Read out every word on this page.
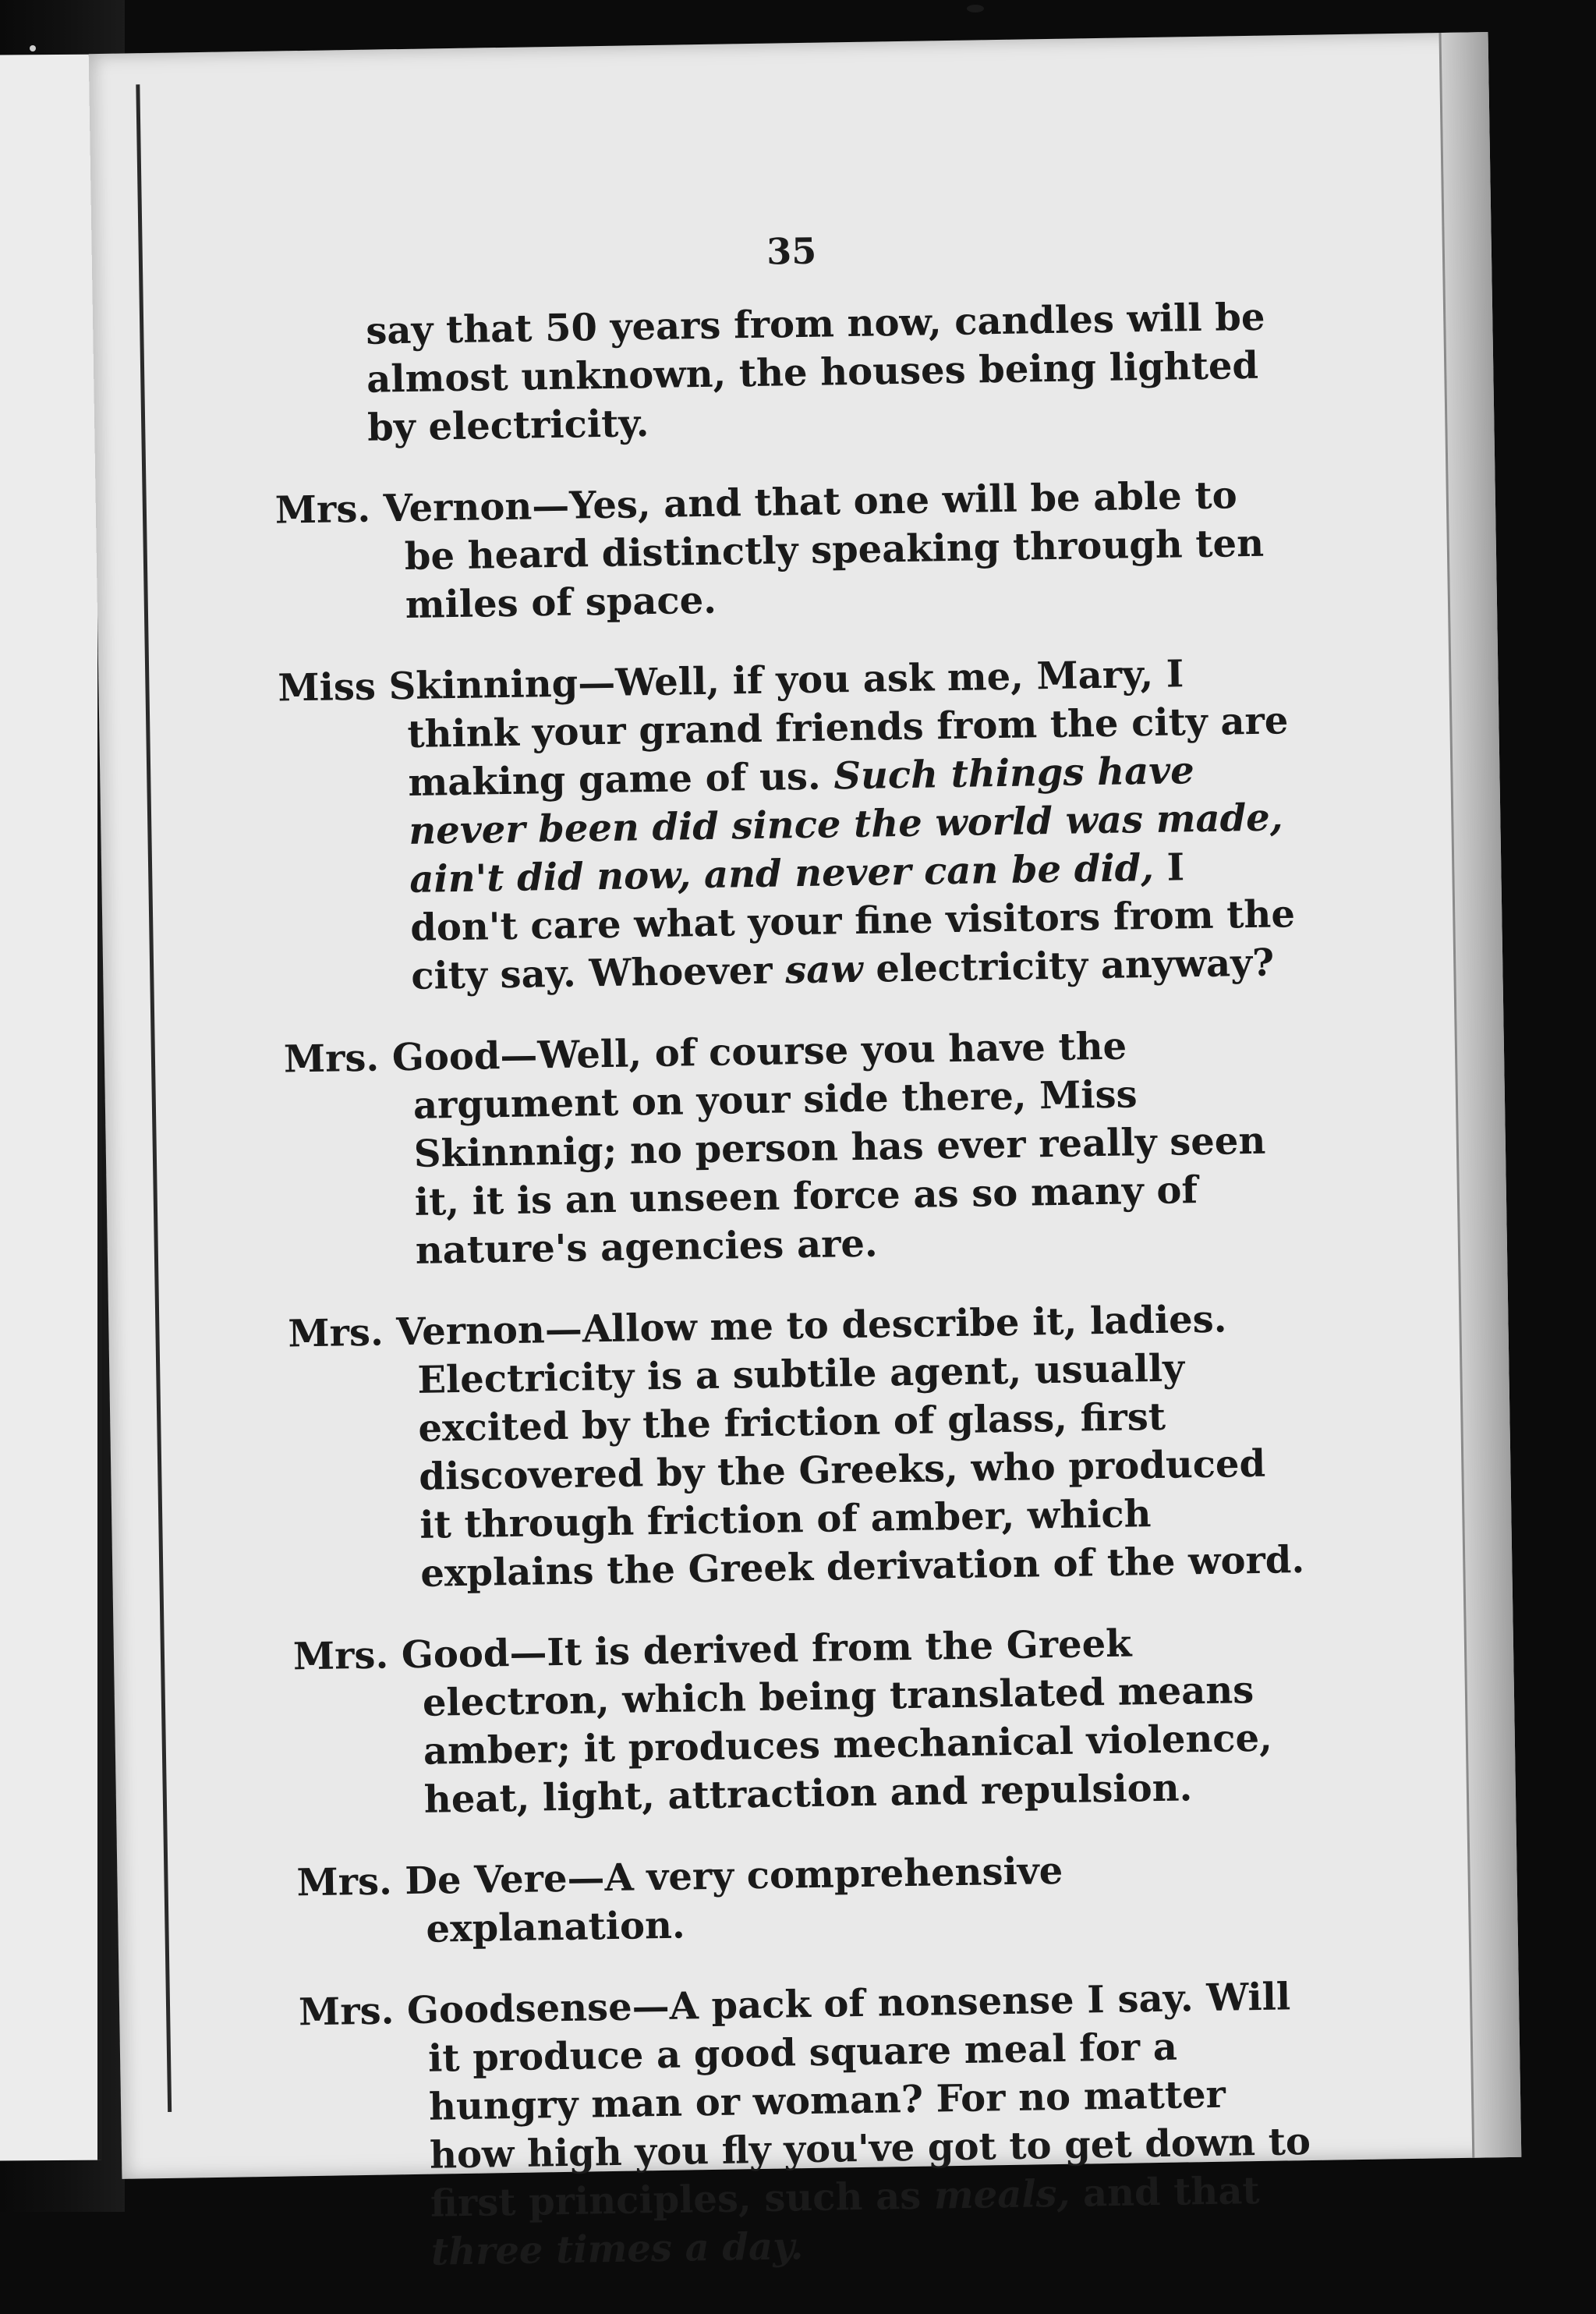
35

say that 50 years from now, candles will be almost unknown, the houses being lighted by electricity.

Mrs. Vernon—Yes, and that one will be able to be heard distinctly speaking through ten miles of space.

Miss Skinning—Well, if you ask me, Mary, I think your grand friends from the city are making game of us. Such things have never been did since the world was made, ain't did now, and never can be did, I don't care what your fine visitors from the city say. Whoever saw electricity anyway?

Mrs. Good—Well, of course you have the argument on your side there, Miss Skinnnig; no person has ever really seen it, it is an unseen force as so many of nature's agencies are.

Mrs. Vernon—Allow me to describe it, ladies. Electricity is a subtile agent, usually excited by the friction of glass, first discovered by the Greeks, who produced it through friction of amber, which explains the Greek derivation of the word.

Mrs. Good—It is derived from the Greek electron, which being translated means amber; it produces mechanical violence, heat, light, attraction and repulsion.

Mrs. De Vere—A very comprehensive explanation.

Mrs. Goodsense—A pack of nonsense I say. Will it produce a good square meal for a hungry man or woman? For no matter how high you fly you've got to get down to first principles, such as meals, and that three times a day.
